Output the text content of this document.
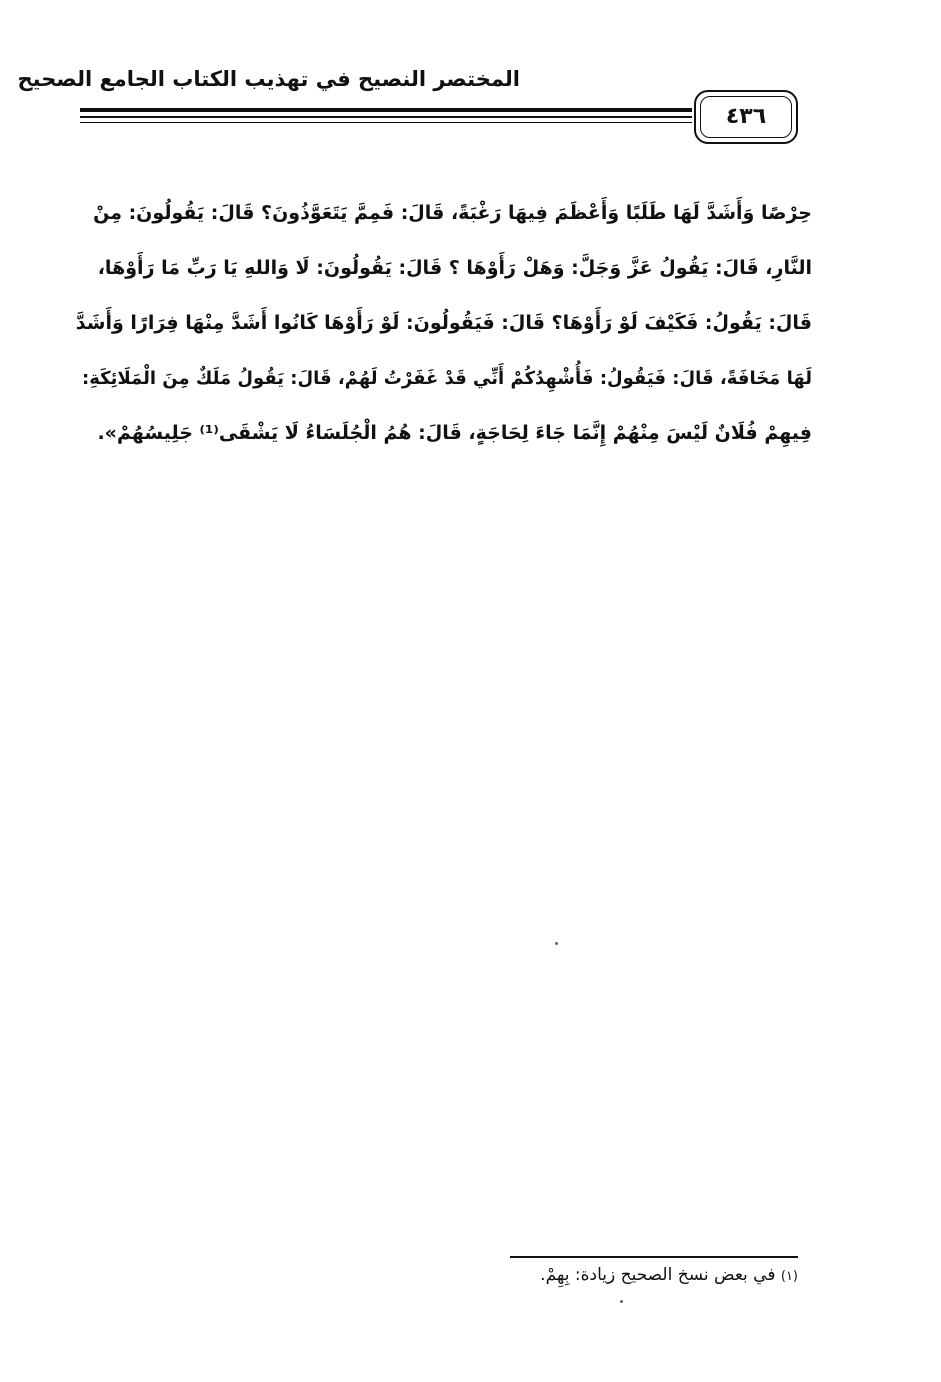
المختصر النصيح في تهذيب الكتاب الجامع الصحيح
٤٣٦
حِرْصًا وَأَشَدَّ لَهَا طَلَبًا وَأَعْظَمَ فِيهَا رَغْبَةً، قَالَ: فَمِمَّ يَتَعَوَّذُونَ؟ قَالَ: يَقُولُونَ: مِنْ
النَّارِ، قَالَ: يَقُولُ عَزَّ وَجَلَّ: وَهَلْ رَأَوْهَا ؟ قَالَ: يَقُولُونَ: لَا وَاللهِ يَا رَبِّ مَا رَأَوْهَا،
قَالَ: يَقُولُ: فَكَيْفَ لَوْ رَأَوْهَا؟ قَالَ: فَيَقُولُونَ: لَوْ رَأَوْهَا كَانُوا أَشَدَّ مِنْهَا فِرَارًا وَأَشَدَّ
لَهَا مَخَافَةً، قَالَ: فَيَقُولُ: فَأُشْهِدُكُمْ أَنِّي قَدْ غَفَرْتُ لَهُمْ، قَالَ: يَقُولُ مَلَكٌ مِنَ الْمَلَائِكَةِ:
فِيهِمْ فُلَانٌ لَيْسَ مِنْهُمْ إِنَّمَا جَاءَ لِحَاجَةٍ، قَالَ: هُمُ الْجُلَسَاءُ لَا يَشْقَى⁽¹⁾ جَلِيسُهُمْ».
(١) في بعض نسخ الصحيح زيادة: بِهِمْ.
